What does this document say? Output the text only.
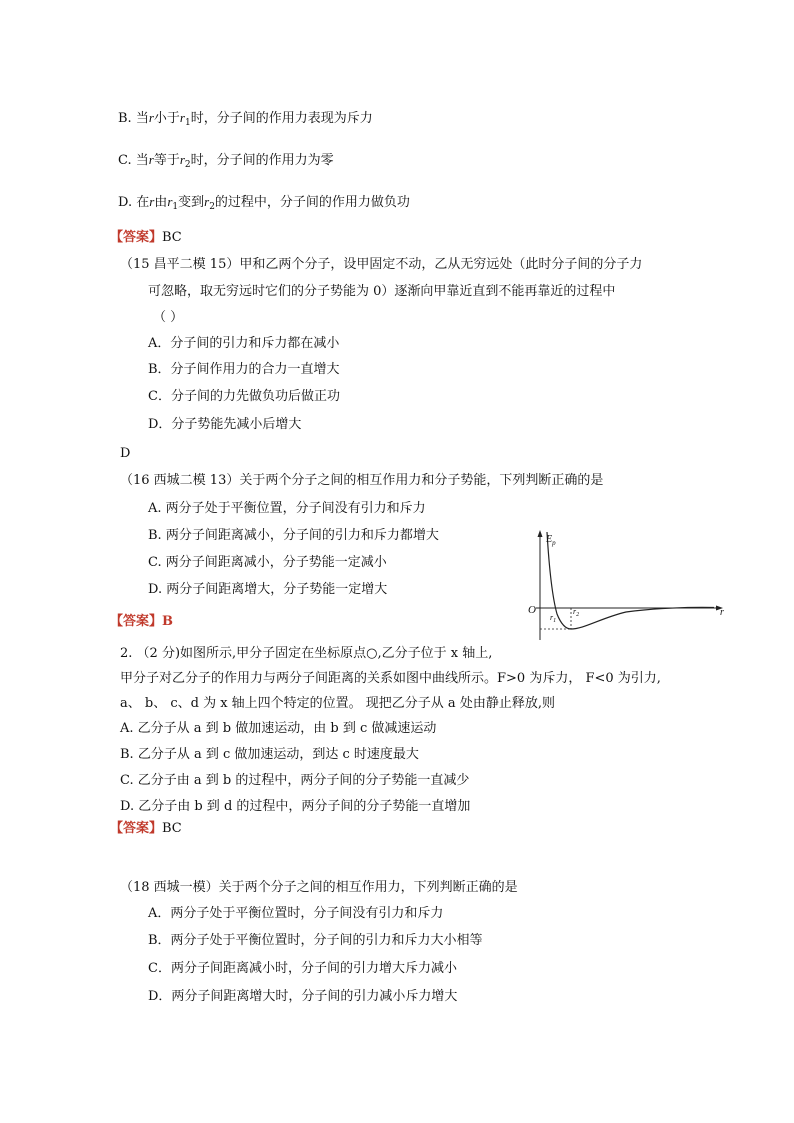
B. 当r小于$r_1$时，分子间的作用力表现为斥力
C. 当r等于$r_2$时，分子间的作用力为零
D. 在r由$r_1$变到$r_2$的过程中，分子间的作用力做负功
【答案】BC
（15 昌平二模 15）甲和乙两个分子，设甲固定不动，乙从无穷远处（此时分子间的分子力
可忽略，取无穷远时它们的分子势能为 0）逐渐向甲靠近直到不能再靠近的过程中
（ ）
A．分子间的引力和斥力都在减小
B．分子间作用力的合力一直增大
C．分子间的力先做负功后做正功
D．分子势能先减小后增大
D
（16 西城二模 13）关于两个分子之间的相互作用力和分子势能，下列判断正确的是
A. 两分子处于平衡位置，分子间没有引力和斥力
B. 两分子间距离减小，分子间的引力和斥力都增大
C. 两分子间距离减小，分子势能一定减小
D. 两分子间距离增大，分子势能一定增大
【答案】B
$E_p$
O	r
$r_1$
$r_2$
2. （2 分)如图所示,甲分子固定在坐标原点○,乙分子位于 x 轴上,
甲分子对乙分子的作用力与两分子间距离的关系如图中曲线所示。F>0 为斥力， F<0 为引力,
a、 b、 c、d 为 x 轴上四个特定的位置。 现把乙分子从 a 处由静止释放,则
A. 乙分子从 a 到 b 做加速运动，由 b 到 c 做减速运动
B. 乙分子从 a 到 c 做加速运动，到达 c 时速度最大
C. 乙分子由 a 到 b 的过程中，两分子间的分子势能一直减少
D. 乙分子由 b 到 d 的过程中，两分子间的分子势能一直增加
【答案】BC
（18 西城一模）关于两个分子之间的相互作用力，下列判断正确的是
A．两分子处于平衡位置时，分子间没有引力和斥力
B．两分子处于平衡位置时，分子间的引力和斥力大小相等
C．两分子间距离减小时，分子间的引力增大斥力减小
D．两分子间距离增大时，分子间的引力减小斥力增大
